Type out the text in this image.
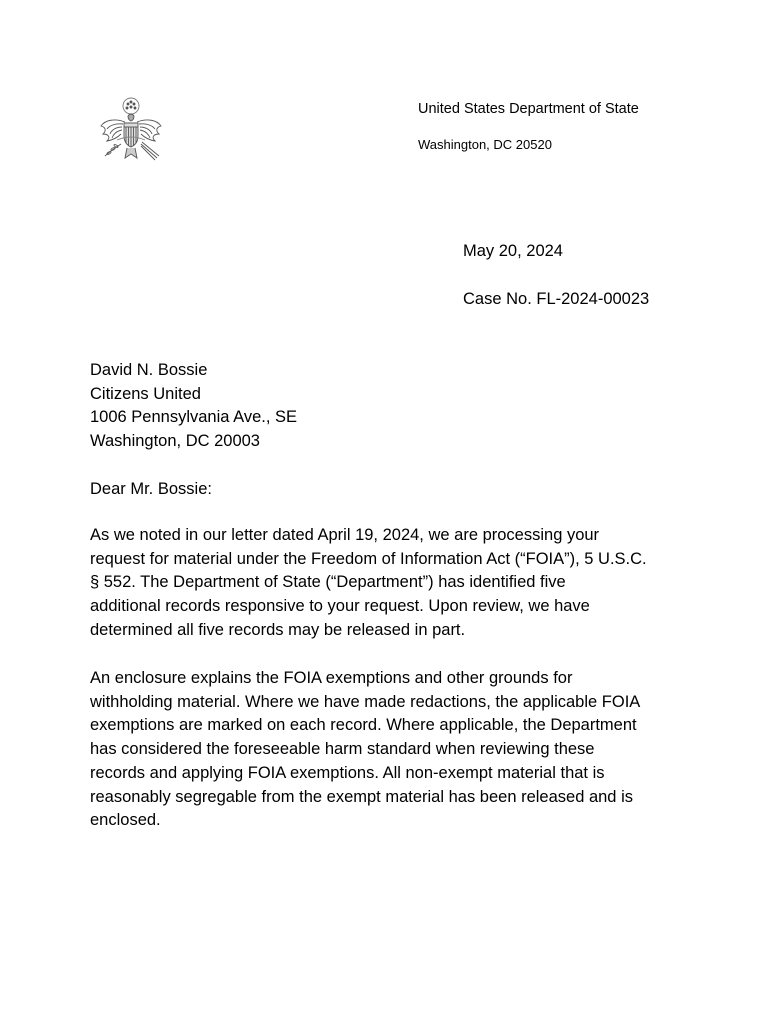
United States Department of State
Washington, DC 20520
May 20, 2024
Case No. FL-2024-00023
David N. Bossie
Citizens United
1006 Pennsylvania Ave., SE
Washington, DC 20003
Dear Mr. Bossie:
As we noted in our letter dated April 19, 2024, we are processing your
request for material under the Freedom of Information Act (“FOIA”), 5 U.S.C.
§ 552. The Department of State (“Department”) has identified five
additional records responsive to your request. Upon review, we have
determined all five records may be released in part.
An enclosure explains the FOIA exemptions and other grounds for
withholding material. Where we have made redactions, the applicable FOIA
exemptions are marked on each record. Where applicable, the Department
has considered the foreseeable harm standard when reviewing these
records and applying FOIA exemptions. All non-exempt material that is
reasonably segregable from the exempt material has been released and is
enclosed.
